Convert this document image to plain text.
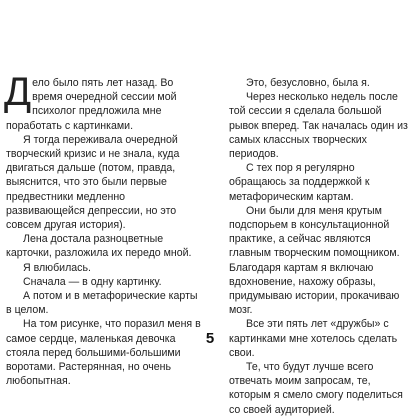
Дело было пять лет назад. Во время очередной сессии мой психолог предложила мне поработать с картинками.

Я тогда переживала очередной творческий кризис и не знала, куда двигаться дальше (потом, правда, выяснится, что это были первые предвестники медленно развивающейся депрессии, но это совсем другая история).

Лена достала разноцветные карточки, разложила их передо мной.

Я влюбилась.

Сначала — в одну картинку.

А потом и в метафорические карты в целом.

На том рисунке, что поразил меня в самое сердце, маленькая девочка стояла перед большими-большими воротами. Растерянная, но очень любопытная.

Это, безусловно, была я.

Через несколько недель после той сессии я сделала большой рывок вперед. Так началась один из самых классных творческих периодов.

С тех пор я регулярно обращаюсь за поддержкой к метафорическим картам.

Они были для меня крутым подспорьем в консультационной практике, а сейчас являются главным творческим помощником. Благодаря картам я включаю вдохновение, нахожу образы, придумываю истории, прокачиваю мозг.

Все эти пять лет «дружбы» с картинками мне хотелось сделать свои.

Те, что будут лучше всего отвечать моим запросам, те, которым я смело смогу поделиться со своей аудиторией.

5
